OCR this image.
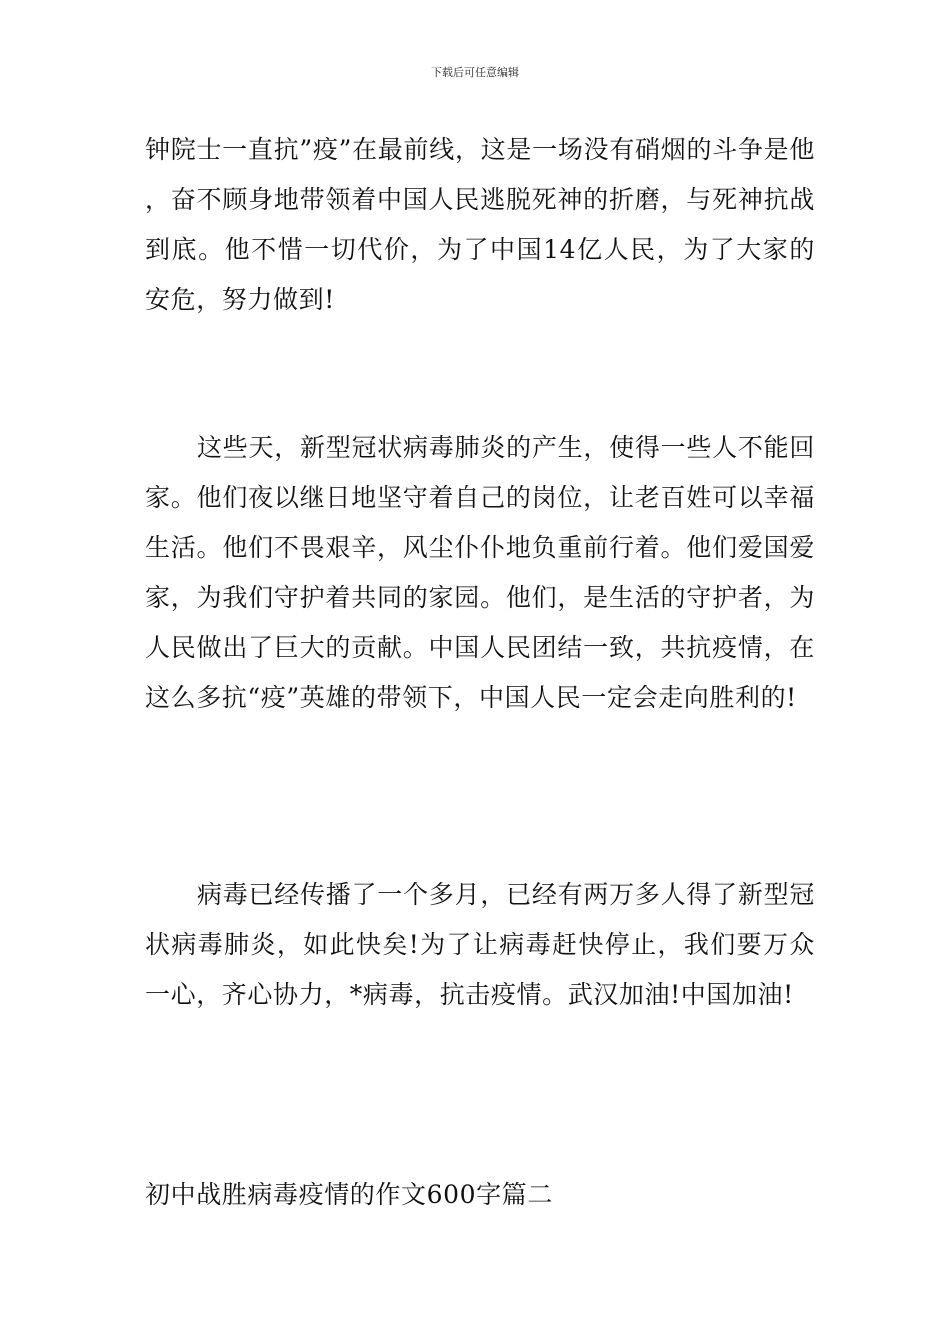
下载后可任意编辑

钟院士一直抗”疫”在最前线，这是一场没有硝烟的斗争是他，奋不顾身地带领着中国人民逃脱死神的折磨，与死神抗战到底。他不惜一切代价，为了中国14亿人民，为了大家的安危，努力做到!

这些天，新型冠状病毒肺炎的产生，使得一些人不能回家。他们夜以继日地坚守着自己的岗位，让老百姓可以幸福生活。他们不畏艰辛，风尘仆仆地负重前行着。他们爱国爱家，为我们守护着共同的家园。他们，是生活的守护者，为人民做出了巨大的贡献。中国人民团结一致，共抗疫情，在这么多抗“疫”英雄的带领下，中国人民一定会走向胜利的!

病毒已经传播了一个多月，已经有两万多人得了新型冠状病毒肺炎，如此快矣!为了让病毒赶快停止，我们要万众一心，齐心协力，*病毒，抗击疫情。武汉加油!中国加油!

初中战胜病毒疫情的作文600字篇二
